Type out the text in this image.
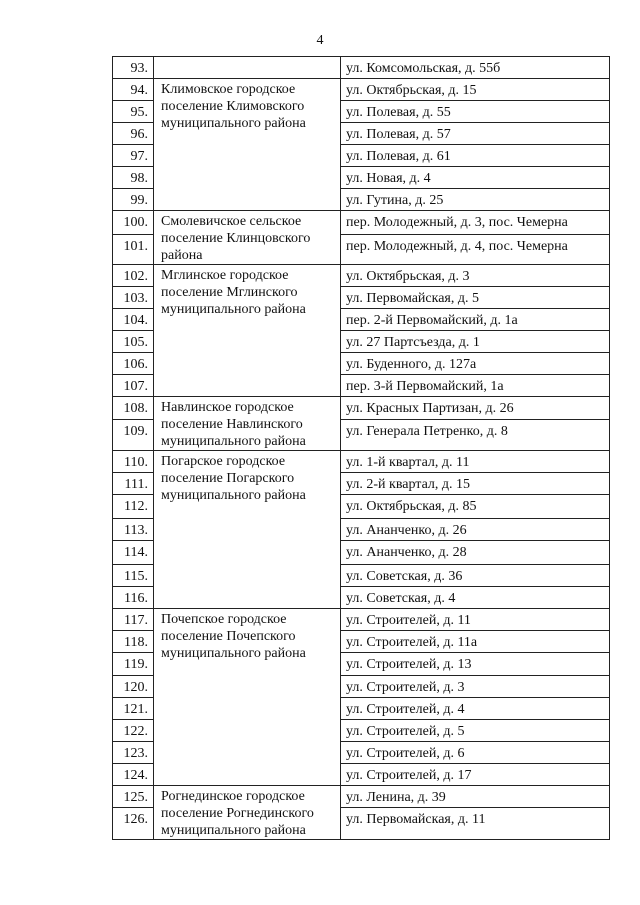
4
93.		ул. Комсомольская, д. 55б
94.	Климовское городское поселение Климовского муниципального района	ул. Октябрьская, д. 15
95.		ул. Полевая, д. 55
96.		ул. Полевая, д. 57
97.		ул. Полевая, д. 61
98.		ул. Новая, д. 4
99.		ул. Гутина, д. 25
100.	Смолевичское сельское поселение Клинцовского района	пер. Молодежный, д. 3, пос. Чемерна
101.		пер. Молодежный, д. 4, пос. Чемерна
102.	Мглинское городское поселение Мглинского муниципального района	ул. Октябрьская, д. 3
103.		ул. Первомайская, д. 5
104.		пер. 2-й Первомайский, д. 1а
105.		ул. 27 Партсъезда, д. 1
106.		ул. Буденного, д. 127а
107.		пер. 3-й Первомайский, 1а
108.	Навлинское городское поселение Навлинского муниципального района	ул. Красных Партизан, д. 26
109.		ул. Генерала Петренко, д. 8
110.	Погарское городское поселение Погарского муниципального района	ул. 1-й квартал, д. 11
111.		ул. 2-й квартал, д. 15
112.		ул. Октябрьская, д. 85
113.		ул. Ананченко, д. 26
114.		ул. Ананченко, д. 28
115.		ул. Советская, д. 36
116.		ул. Советская, д. 4
117.	Почепское городское поселение Почепского муниципального района	ул. Строителей, д. 11
118.		ул. Строителей, д. 11а
119.		ул. Строителей, д. 13
120.		ул. Строителей, д. 3
121.		ул. Строителей, д. 4
122.		ул. Строителей, д. 5
123.		ул. Строителей, д. 6
124.		ул. Строителей, д. 17
125.	Рогнединское городское поселение Рогнединского муниципального района	ул. Ленина, д. 39
126.		ул. Первомайская, д. 11
